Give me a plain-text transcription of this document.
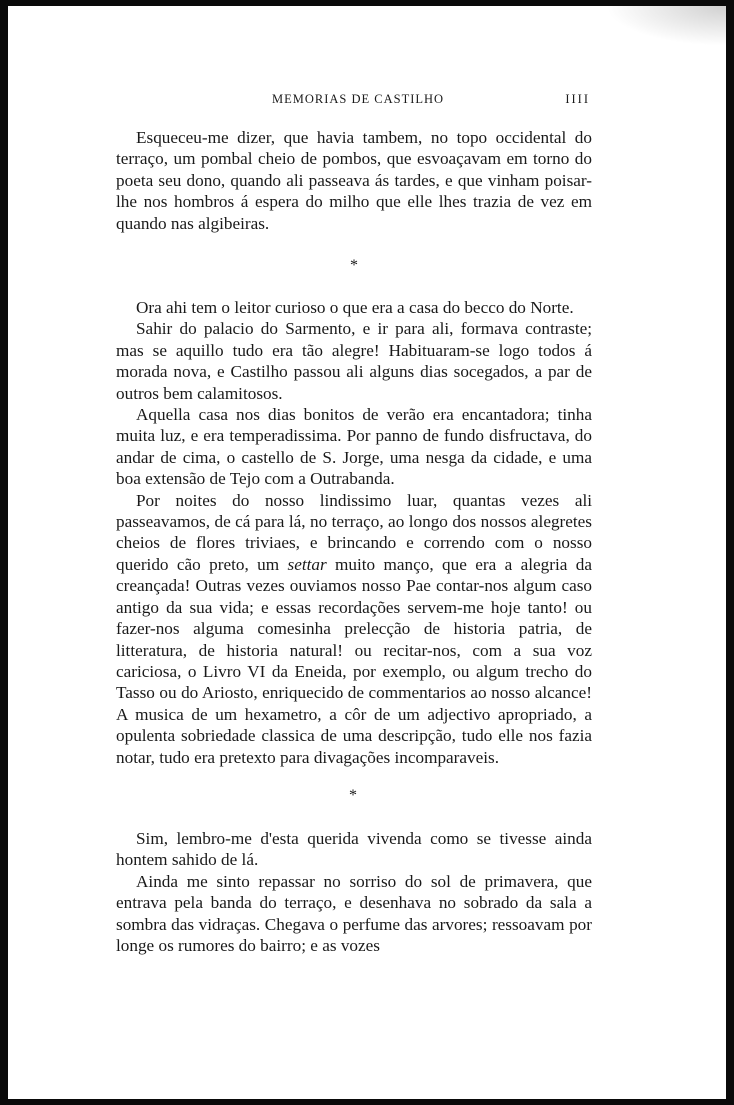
MEMORIAS DE CASTILHO	IIII

Esqueceu-me dizer, que havia tambem, no topo occidental do terraço, um pombal cheio de pombos, que esvoaçavam em torno do poeta seu dono, quando ali passeava ás tardes, e que vinham poisar-lhe nos hombros á espera do milho que elle lhes trazia de vez em quando nas algibeiras.

*

Ora ahi tem o leitor curioso o que era a casa do becco do Norte.

Sahir do palacio do Sarmento, e ir para ali, formava contraste; mas se aquillo tudo era tão alegre! Habituaram-se logo todos á morada nova, e Castilho passou ali alguns dias socegados, a par de outros bem calamitosos.

Aquella casa nos dias bonitos de verão era encantadora; tinha muita luz, e era temperadissima. Por panno de fundo disfructava, do andar de cima, o castello de S. Jorge, uma nesga da cidade, e uma boa extensão de Tejo com a Outrabanda.

Por noites do nosso lindissimo luar, quantas vezes ali passeavamos, de cá para lá, no terraço, ao longo dos nossos alegretes cheios de flores triviaes, e brincando e correndo com o nosso querido cão preto, um settar muito manço, que era a alegria da creançada! Outras vezes ouviamos nosso Pae contar-nos algum caso antigo da sua vida; e essas recordações servem-me hoje tanto! ou fazer-nos alguma comesinha prelecção de historia patria, de litteratura, de historia natural! ou recitar-nos, com a sua voz cariciosa, o Livro VI da Eneida, por exemplo, ou algum trecho do Tasso ou do Ariosto, enriquecido de commentarios ao nosso alcance! A musica de um hexametro, a côr de um adjectivo apropriado, a opulenta sobriedade classica de uma descripção, tudo elle nos fazia notar, tudo era pretexto para divagações incomparaveis.

*

Sim, lembro-me d'esta querida vivenda como se tivesse ainda hontem sahido de lá.

Ainda me sinto repassar no sorriso do sol de primavera, que entrava pela banda do terraço, e desenhava no sobrado da sala a sombra das vidraças. Chegava o perfume das arvores; ressoavam por longe os rumores do bairro; e as vozes
